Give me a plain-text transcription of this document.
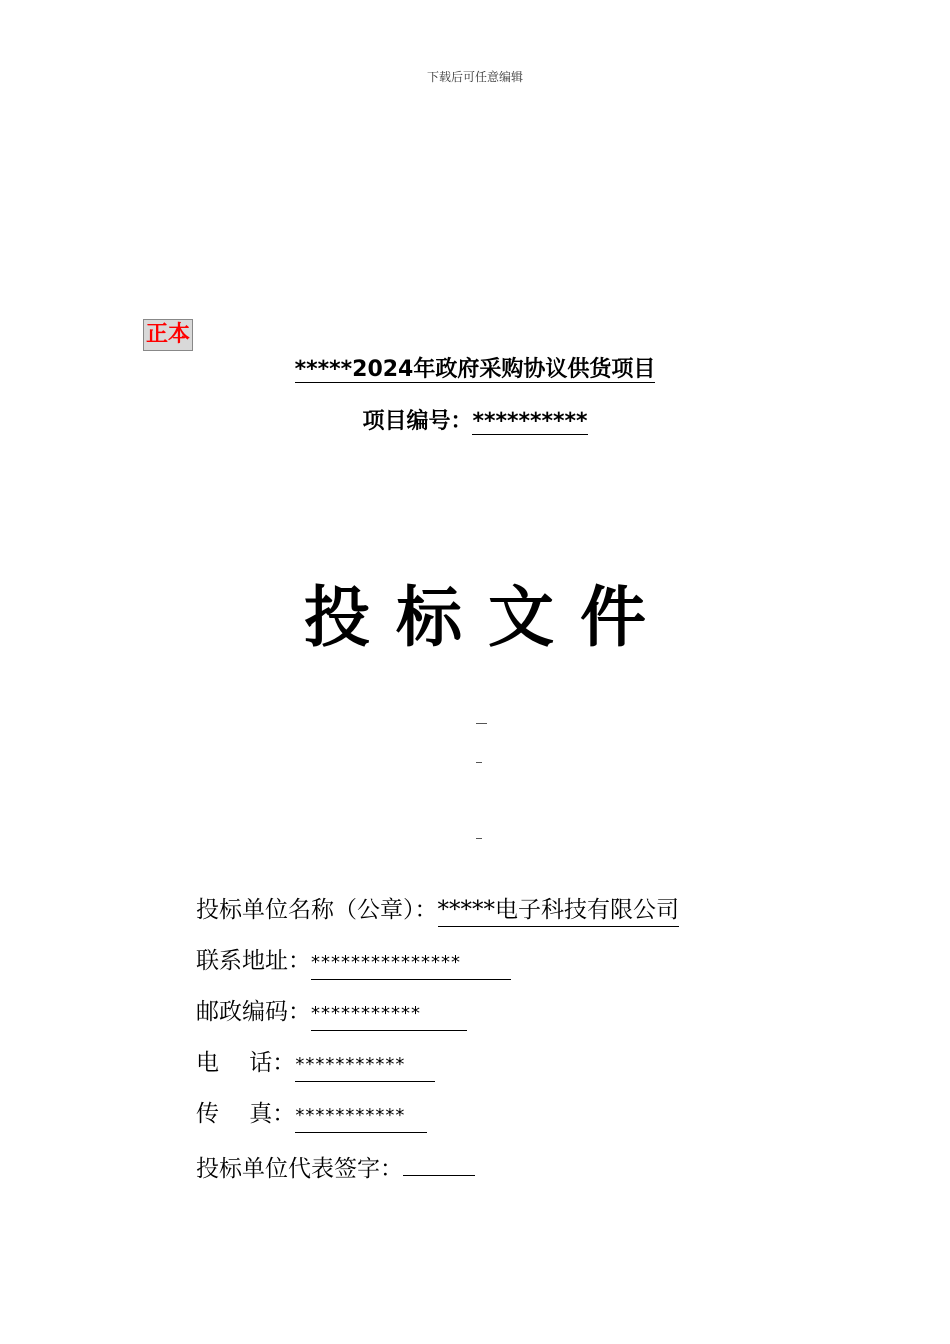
下载后可任意编辑
正本
*****2024年政府采购协议供货项目
项目编号：**********
投标文件
投标单位名称（公章）：*****电子科技有限公司
联系地址：***************
邮政编码：***********
电　 话：***********
传　 真：***********
投标单位代表签字：
